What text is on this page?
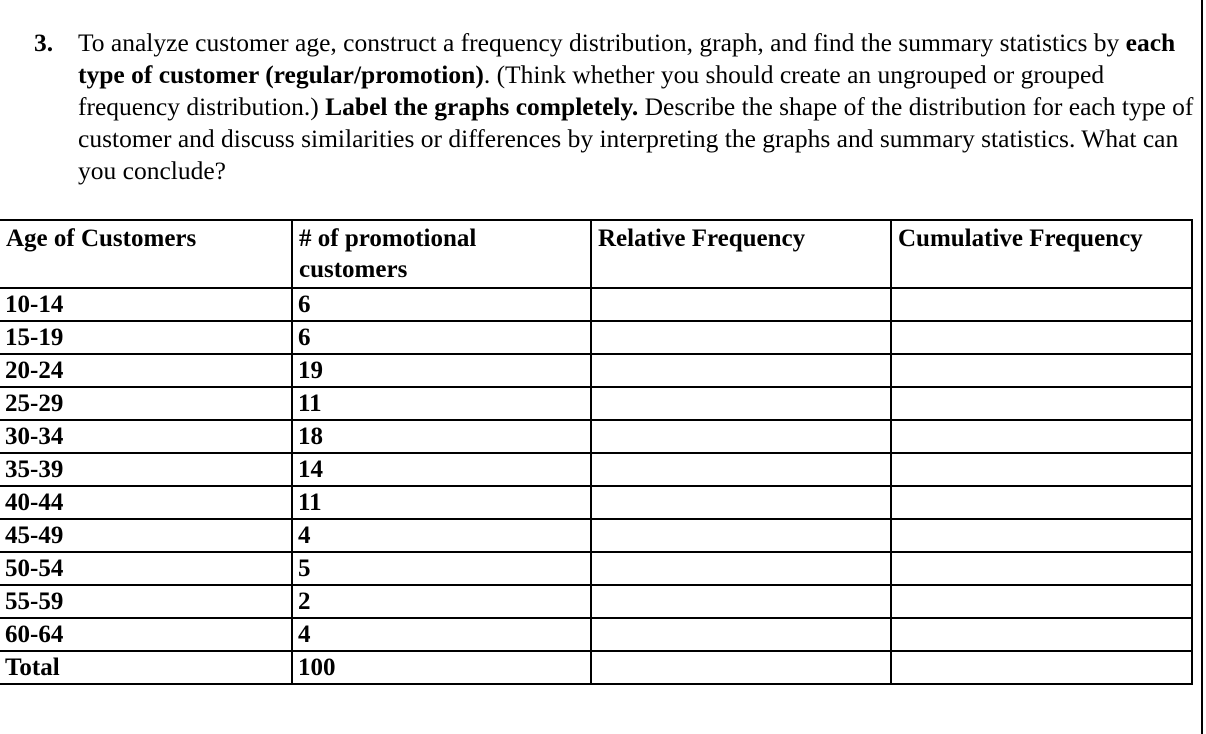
3. To analyze customer age, construct a frequency distribution, graph, and find the summary statistics by each type of customer (regular/promotion). (Think whether you should create an ungrouped or grouped frequency distribution.) Label the graphs completely. Describe the shape of the distribution for each type of customer and discuss similarities or differences by interpreting the graphs and summary statistics. What can you conclude?
Age of Customers	# of promotional customers	Relative Frequency	Cumulative Frequency
10-14	6		
15-19	6		
20-24	19		
25-29	11		
30-34	18		
35-39	14		
40-44	11		
45-49	4		
50-54	5		
55-59	2		
60-64	4		
Total	100		
